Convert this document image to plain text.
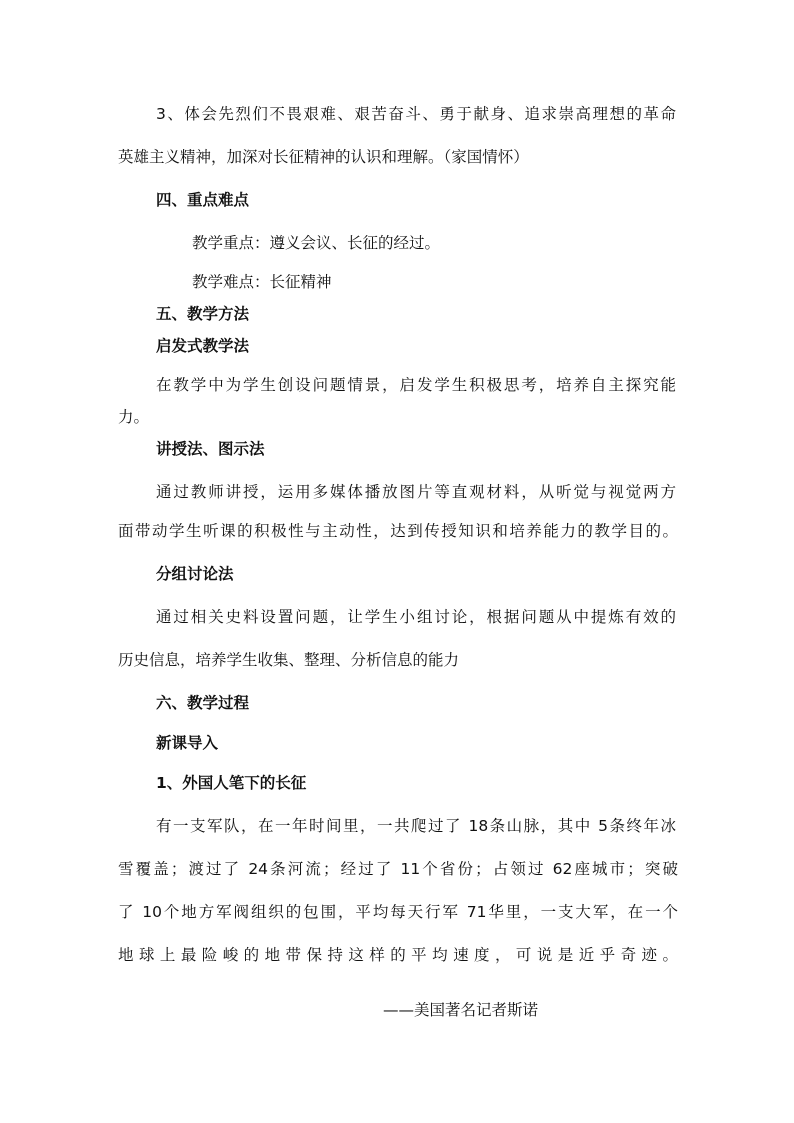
3、体会先烈们不畏艰难、艰苦奋斗、勇于献身、追求崇高理想的革命
英雄主义精神，加深对长征精神的认识和理解。（家国情怀）
四、重点难点
教学重点：遵义会议、长征的经过。
教学难点：长征精神
五、教学方法
启发式教学法
在教学中为学生创设问题情景，启发学生积极思考，培养自主探究能
力。
讲授法、图示法
通过教师讲授，运用多媒体播放图片等直观材料，从听觉与视觉两方
面带动学生听课的积极性与主动性，达到传授知识和培养能力的教学目的。
分组讨论法
通过相关史料设置问题，让学生小组讨论，根据问题从中提炼有效的
历史信息，培养学生收集、整理、分析信息的能力
六、教学过程
新课导入
1、外国人笔下的长征
有一支军队，在一年时间里，一共爬过了 18条山脉，其中 5条终年冰
雪覆盖；渡过了 24条河流；经过了 11个省份；占领过 62座城市；突破
了 10个地方军阀组织的包围，平均每天行军 71华里，一支大军，在一个
地球上最险峻的地带保持这样的平均速度，可说是近乎奇迹。
——美国著名记者斯诺
